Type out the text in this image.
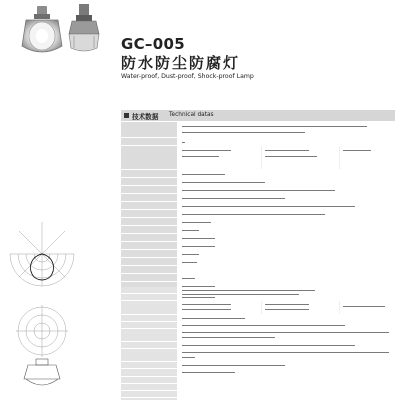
GC–005
防水防尘防腐灯
Water-proof, Dust-proof, Shock-proof Lamp
技术数据 Technical datas
